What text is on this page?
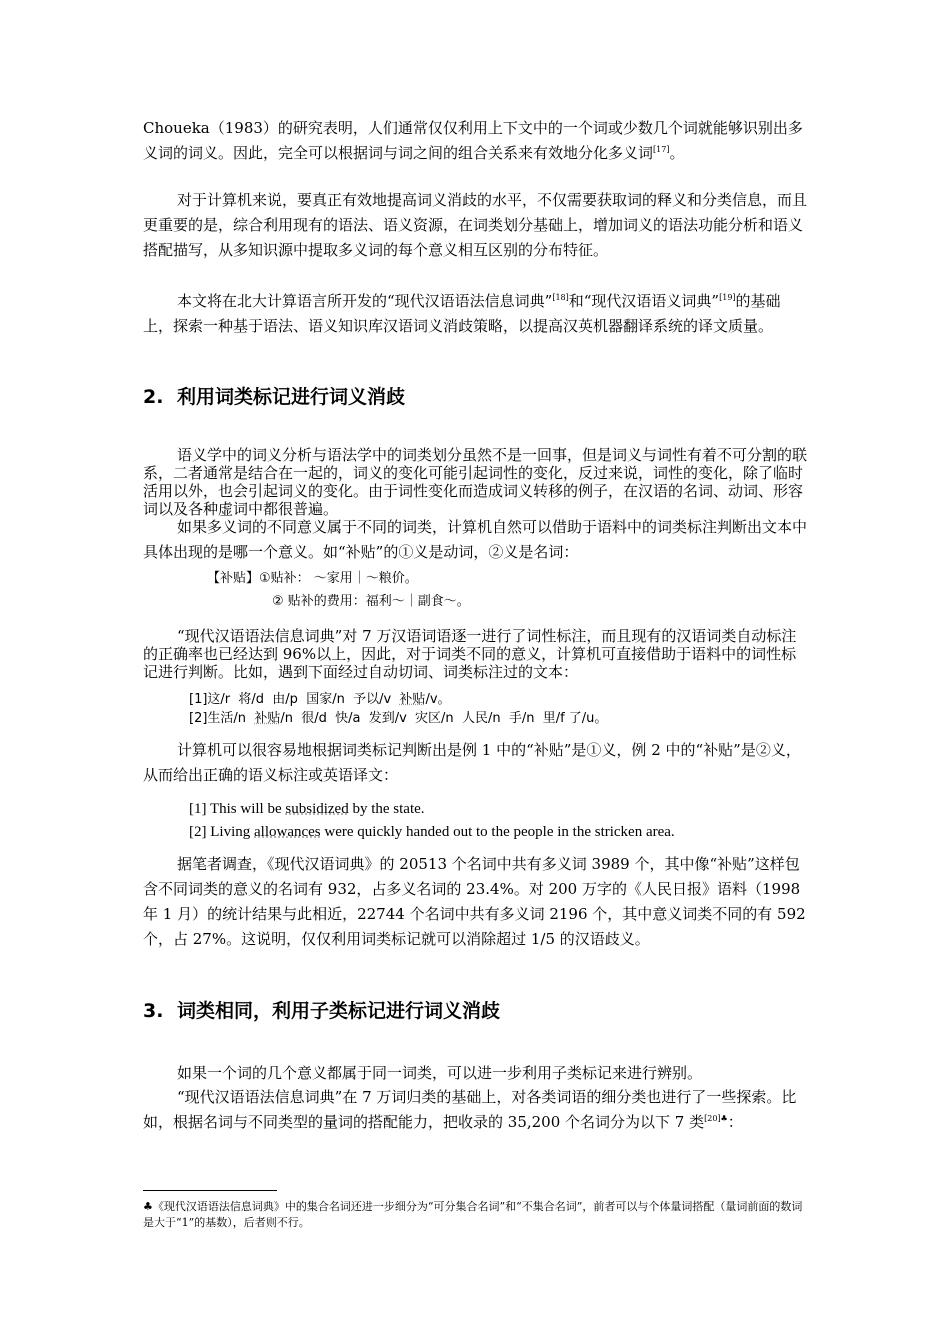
Choueka（1983）的研究表明，人们通常仅仅利用上下文中的一个词或少数几个词就能够识别出多义词的词义。因此，完全可以根据词与词之间的组合关系来有效地分化多义词[17]。

对于计算机来说，要真正有效地提高词义消歧的水平，不仅需要获取词的释义和分类信息，而且更重要的是，综合利用现有的语法、语义资源，在词类划分基础上，增加词义的语法功能分析和语义搭配描写，从多知识源中提取多义词的每个意义相互区别的分布特征。

本文将在北大计算语言所开发的“现代汉语语法信息词典”[18]和“现代汉语语义词典”[19]的基础上，探索一种基于语法、语义知识库汉语词义消歧策略，以提高汉英机器翻译系统的译文质量。

2. 利用词类标记进行词义消歧

语义学中的词义分析与语法学中的词类划分虽然不是一回事，但是词义与词性有着不可分割的联系，二者通常是结合在一起的，词义的变化可能引起词性的变化，反过来说，词性的变化，除了临时活用以外，也会引起词义的变化。由于词性变化而造成词义转移的例子，在汉语的名词、动词、形容词以及各种虚词中都很普遍。

如果多义词的不同意义属于不同的词类，计算机自然可以借助于语料中的词类标注判断出文本中具体出现的是哪一个意义。如“补贴”的①义是动词，②义是名词：

【补贴】①贴补： ～家用｜～粮价。
② 贴补的费用：福利～｜副食～。

“现代汉语语法信息词典”对 7 万汉语词语逐一进行了词性标注，而且现有的汉语词类自动标注的正确率也已经达到 96%以上，因此，对于词类不同的意义，计算机可直接借助于语料中的词性标记进行判断。比如，遇到下面经过自动切词、词类标注过的文本：

[1]这/r  将/d  由/p  国家/n  予以/v  补贴/v。
[2]生活/n  补贴/n  很/d  快/a  发到/v  灾区/n  人民/n  手/n  里/f 了/u。

计算机可以很容易地根据词类标记判断出是例 1 中的“补贴”是①义，例 2 中的“补贴”是②义，从而给出正确的语义标注或英语译文：

[1] This will be subsidized by the state.
[2] Living allowances were quickly handed out to the people in the stricken area.

据笔者调查，《现代汉语词典》的 20513 个名词中共有多义词 3989 个，其中像“补贴”这样包含不同词类的意义的名词有 932，占多义名词的 23.4%。对 200 万字的《人民日报》语料（1998 年 1 月）的统计结果与此相近，22744 个名词中共有多义词 2196 个，其中意义词类不同的有 592 个，占 27%。这说明，仅仅利用词类标记就可以消除超过 1/5 的汉语歧义。

3. 词类相同，利用子类标记进行词义消歧

如果一个词的几个意义都属于同一词类，可以进一步利用子类标记来进行辨别。

“现代汉语语法信息词典”在 7 万词归类的基础上，对各类词语的细分类也进行了一些探索。比如，根据名词与不同类型的量词的搭配能力，把收录的 35,200 个名词分为以下 7 类$^{[20]♣}$：

♣《现代汉语语法信息词典》中的集合名词还进一步细分为“可分集合名词”和“不集合名词”，前者可以与个体量词搭配（量词前面的数词是大于“1”的基数），后者则不行。
